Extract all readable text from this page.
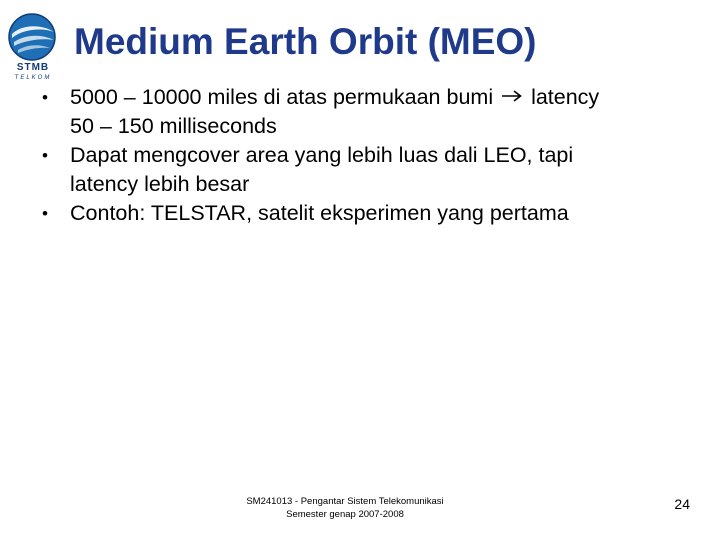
STMB
TELKOM
Medium Earth Orbit (MEO)
• 5000 – 10000 miles di atas permukaan bumi latency
50 – 150 milliseconds
• Dapat mengcover area yang lebih luas dali LEO, tapi
latency lebih besar
• Contoh: TELSTAR, satelit eksperimen yang pertama
SM241013 - Pengantar Sistem Telekomunikasi
Semester genap 2007-2008
24
